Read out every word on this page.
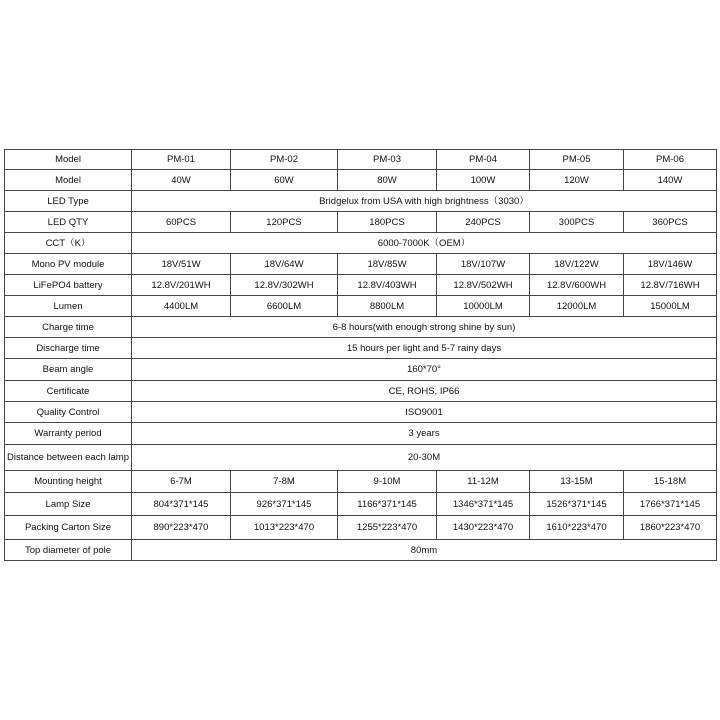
Model	PM-01	PM-02	PM-03	PM-04	PM-05	PM-06
Model	40W	60W	80W	100W	120W	140W
LED Type	Bridgelux from USA with high brightness（3030）					
LED QTY	60PCS	120PCS	180PCS	240PCS	300PCS	360PCS
CCT（K）	6000-7000K（OEM）					
Mono PV module	18V/51W	18V/64W	18V/85W	18V/107W	18V/122W	18V/146W
LiFePO4 battery	12.8V/201WH	12.8V/302WH	12.8V/403WH	12.8V/502WH	12.8V/600WH	12.8V/716WH
Lumen	4400LM	6600LM	8800LM	10000LM	12000LM	15000LM
Charge time	6-8 hours(with enough strong shine by sun)					
Discharge time	15 hours per light and 5-7 rainy days					
Beam angle	160*70°					
Certificate	CE, ROHS, IP66					
Quality Control	ISO9001					
Warranty period	3 years					
Distance between each lamp	20-30M					
Mounting height	6-7M	7-8M	9-10M	11-12M	13-15M	15-18M
Lamp Size	804*371*145	926*371*145	1166*371*145	1346*371*145	1526*371*145	1766*371*145
Packing Carton Size	890*223*470	1013*223*470	1255*223*470	1430*223*470	1610*223*470	1860*223*470
Top diameter of pole	80mm					
